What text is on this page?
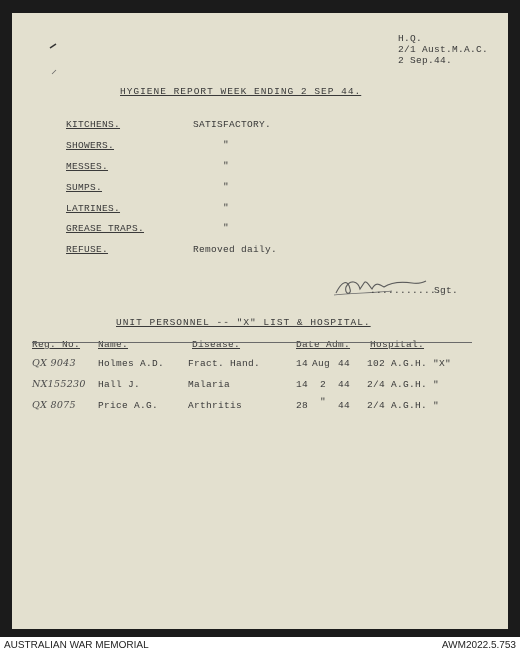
H.Q.
2/1 Aust.M.A.C.
2 Sep.44.
HYGIENE REPORT WEEK ENDING 2 SEP 44.
KITCHENS.	SATISFACTORY.
SHOWERS.	"
MESSES.	"
SUMPS.	"
LATRINES.	"
GREASE TRAPS.	"
REFUSE.	Removed daily.
...........
Sgt.
UNIT PERSONNEL -- "X" LIST & HOSPITAL.
Reg. No. Name.	Disease.	Date Adm. Hospital.
QX 9043 Holmes A.D.	Fract. Hand.	14 Aug 44 102 A.G.H. "X"
NX155230 Hall J.	Malaria	14 2 44 2/4 A.G.H. "
QX 8075 Price A.G.	Arthritis	28 " 44 2/4 A.G.H. "
AUSTRALIAN WAR MEMORIAL	AWM2022.5.753
